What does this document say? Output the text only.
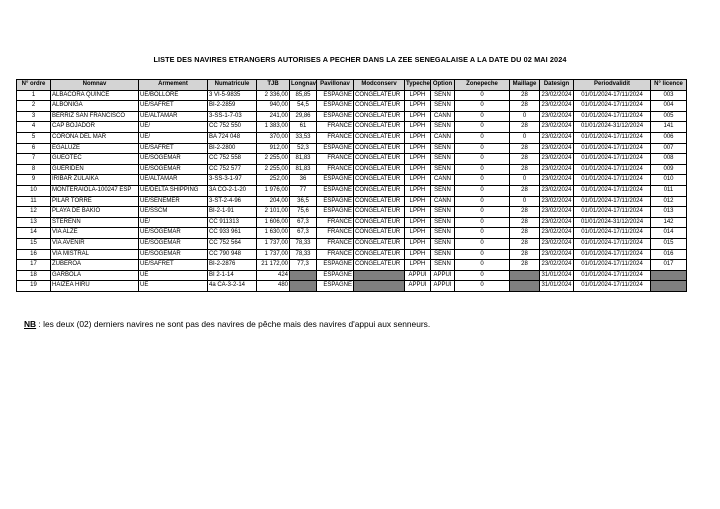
LISTE DES NAVIRES ETRANGERS AUTORISES A PECHER DANS LA ZEE SENEGALAISE A LA DATE DU 02 MAI 2024
N° ordre	Nomnav	Armement	Numatricule	TJB	Longnav	Pavillonav	Modconserv	Typeche	Option	Zonepeche	Maillage	Datesign	Periodvalidit	N° licence
1	ALBACORA QUINCE	UE/BOLLORE	3 VI-5-9835	2 336,00	85,85	ESPAGNE	CONGELATEUR	LPPH	SENN	0	28	23/02/2024	01/01/2024-17/11/2024	003
2	ALBONIGA	UE/SAFRET	BI-2-2859	940,00	54,5	ESPAGNE	CONGELATEUR	LPPH	SENN	0	28	23/02/2024	01/01/2024-17/11/2024	004
3	BERRIZ SAN FRANCISCO	UE/ALTAMAR	3-SS-1-7-03	241,00	29,86	ESPAGNE	CONGELATEUR	LPPH	CANN	0	0	23/02/2024	01/01/2024-17/11/2024	005
4	CAP BOJADOR	UE/	CC 752 550	1 383,00	61	FRANCE	CONGELATEUR	LPPH	SENN	0	28	23/02/2024	01/01/2024-31/12/2024	141
5	CORONA DEL MAR	UE/	BA 724 048	370,00	33,53	FRANCE	CONGELATEUR	LPPH	CANN	0	0	23/02/2024	01/01/2024-17/11/2024	006
6	EGALUZE	UE/SAFRET	BI-2-2800	912,00	52,3	ESPAGNE	CONGELATEUR	LPPH	SENN	0	28	23/02/2024	01/01/2024-17/11/2024	007
7	GUEOTEC	UE/SOGEMAR	CC 752 558	2 255,00	81,83	FRANCE	CONGELATEUR	LPPH	SENN	0	28	23/02/2024	01/01/2024-17/11/2024	008
8	GUERIDEN	UE/SOGEMAR	CC 752 577	2 255,00	81,83	FRANCE	CONGELATEUR	LPPH	SENN	0	28	23/02/2024	01/01/2024-17/11/2024	009
9	IRIBAR ZULAIKA	UE/ALTAMAR	3-SS-3-1-97	252,00	36	ESPAGNE	CONGELATEUR	LPPH	CANN	0	0	23/02/2024	01/01/2024-17/11/2024	010
10	MONTERAIOLA-100247 ESP	UE/DELTA SHIPPING	3A CO-2-1-20	1 976,00	77	ESPAGNE	CONGELATEUR	LPPH	SENN	0	28	23/02/2024	01/01/2024-17/11/2024	011
11	PILAR TORRE	UE/SENEMER	3-ST-2-4-96	204,00	36,5	ESPAGNE	CONGELATEUR	LPPH	CANN	0	0	23/02/2024	01/01/2024-17/11/2024	012
12	PLAYA DE BAKIO	UE/SSCM	BI-2-1-91	2 101,00	75,6	ESPAGNE	CONGELATEUR	LPPH	SENN	0	28	23/02/2024	01/01/2024-17/11/2024	013
13	STERENN	UE/	CC 911313	1 606,00	67,3	FRANCE	CONGELATEUR	LPPH	SENN	0	28	23/02/2024	01/01/2024-31/12/2024	142
14	VIA ALZE	UE/SOGEMAR	CC 933 961	1 630,00	67,3	FRANCE	CONGELATEUR	LPPH	SENN	0	28	23/02/2024	01/01/2024-17/11/2024	014
15	VIA AVENIR	UE/SOGEMAR	CC 752 564	1 737,00	78,33	FRANCE	CONGELATEUR	LPPH	SENN	0	28	23/02/2024	01/01/2024-17/11/2024	015
16	VIA MISTRAL	UE/SOGEMAR	CC 790 948	1 737,00	78,33	FRANCE	CONGELATEUR	LPPH	SENN	0	28	23/02/2024	01/01/2024-17/11/2024	016
17	ZUBEROA	UE/SAFRET	BI-2-2876	21 172,00	77,3	ESPAGNE	CONGELATEUR	LPPH	SENN	0	28	23/02/2024	01/01/2024-17/11/2024	017
18	GARBOLA	UE	BI 2-1-14	424		ESPAGNE		APPUI	APPUI	0		31/01/2024	01/01/2024-17/11/2024	
19	HAIZEA HIRU	UE	4a CA-3-2-14	480		ESPAGNE		APPUI	APPUI	0		31/01/2024	01/01/2024-17/11/2024	
NB : les deux (02) derniers navires ne sont pas des navires de pêche mais des navires d'appui aux senneurs.
